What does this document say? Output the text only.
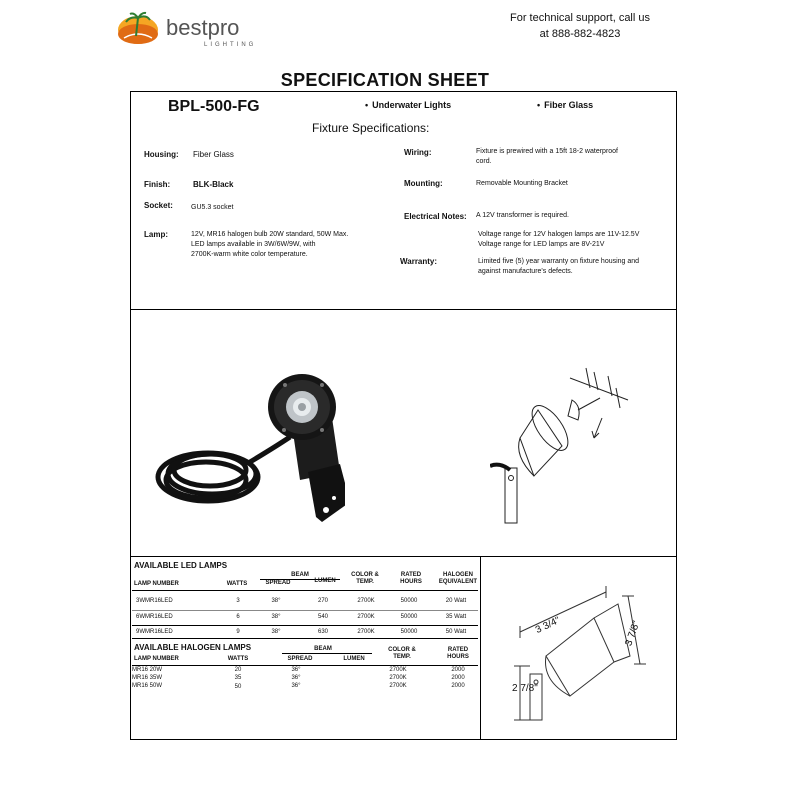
bestpro
LIGHTING
For technical support, call us
at 888-882-4823
SPECIFICATION SHEET
BPL-500-FG	• Underwater Lights	• Fiber Glass
Fixture Specifications:
Housing: Fiber Glass
Finish:	BLK-Black
Socket:	GU5.3 socket
Lamp:	12V, MR16 halogen bulb 20W standard, 50W Max.
LED lamps available in 3W/6W/9W, with
2700K-warm white color temperature.
Wiring:	Fixture is prewired with a 15ft 18-2 waterproof
cord.
Mounting:	Removable Mounting Bracket
Electrical Notes: A 12V transformer is required.
Voltage range for 12V halogen lamps are 11V-12.5V
Voltage range for LED lamps are 8V-21V
Warranty:	Limited five (5) year warranty on fixture housing and
against manufacture's defects.
AVAILABLE LED LAMPS
BEAM
SPREAD	LUMEN
LAMP NUMBER	WATTS
COLOR &
TEMP.
RATED
HOURS
HALOGEN
EQUIVALENT
3WMR16LED	3	38°	270	2700K	50000	20 Watt
6WMR16LED	6	38°	540	2700K	50000	35 Watt
9WMR16LED	9	38°	630	2700K	50000	50 Watt
AVAILABLE HALOGEN LAMPS	BEAM
SPREAD	LUMEN
LAMP NUMBER	WATTS
COLOR &
TEMP.
RATED
HOURS
MR16 20W	20	36°	2700K	2000
MR16 35W	35	36°	2700K	2000
MR16 50W	50	36°	2700K	2000
3 3/4"	3 7/8"
2 7/8"
